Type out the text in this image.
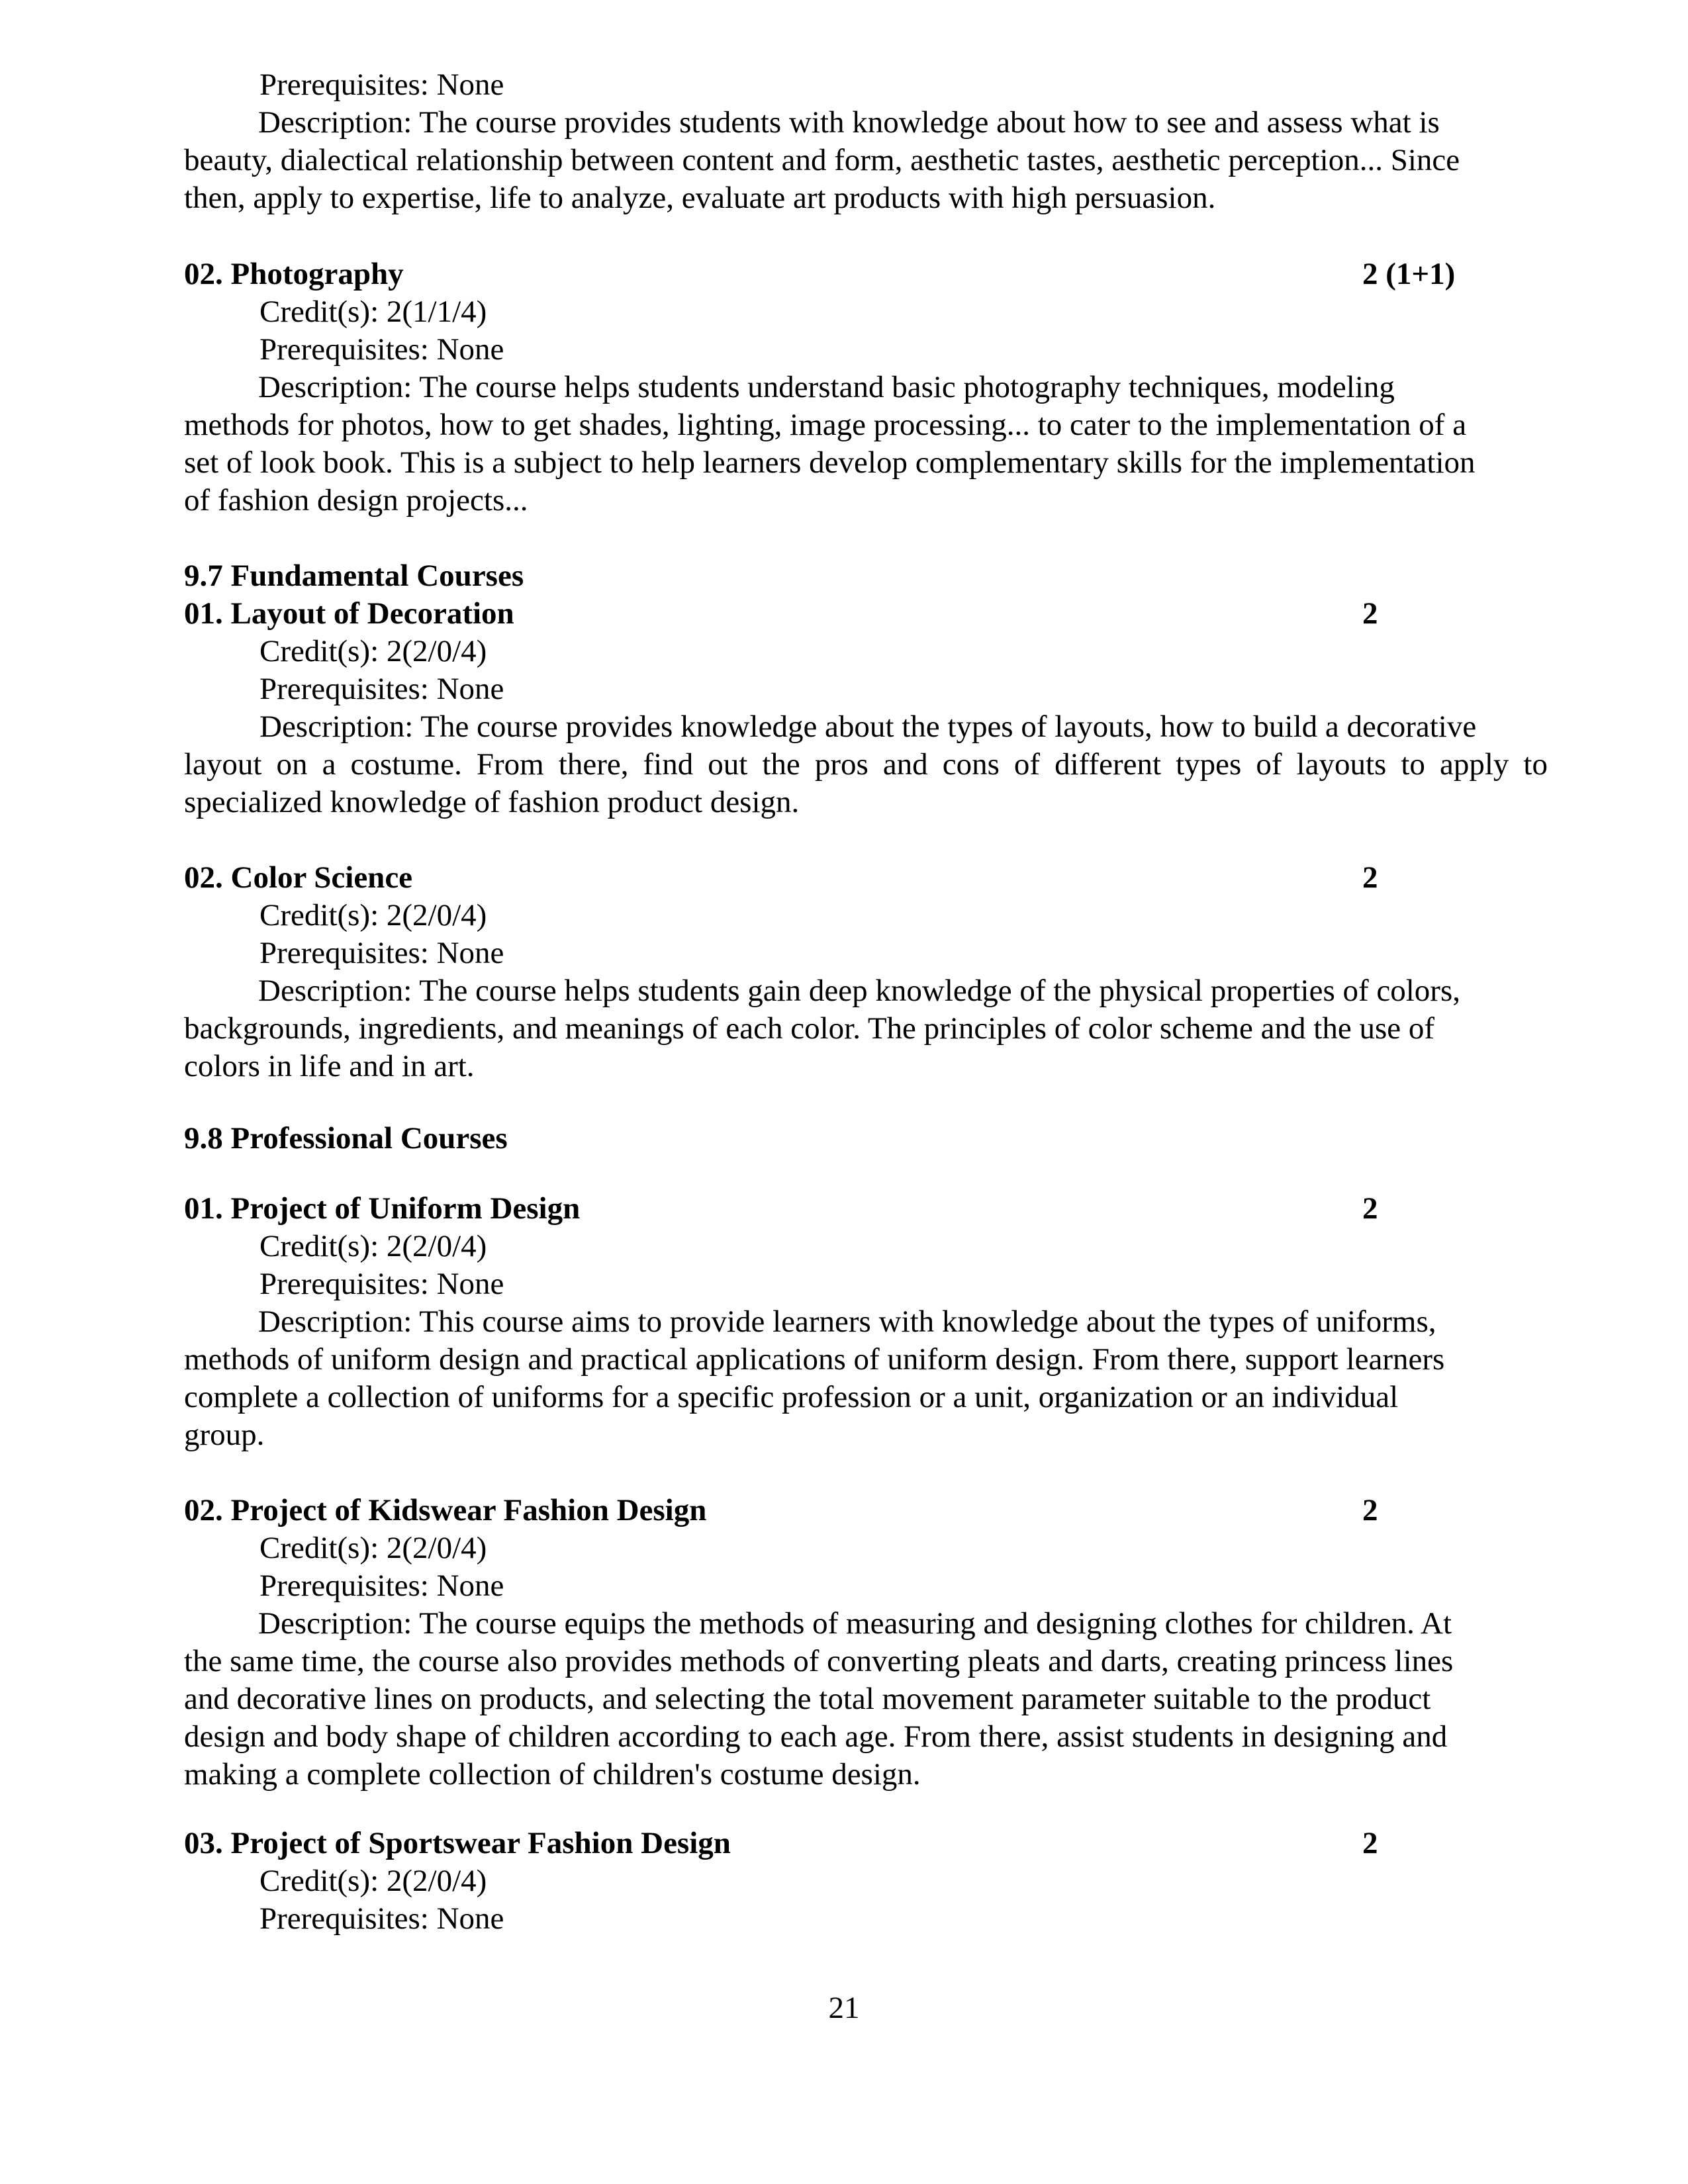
Prerequisites: None
Description: The course provides students with knowledge about how to see and assess what is
beauty, dialectical relationship between content and form, aesthetic tastes, aesthetic perception... Since
then, apply to expertise, life to analyze, evaluate art products with high persuasion.
02. Photography	2 (1+1)
Credit(s): 2(1/1/4)
Prerequisites: None
Description: The course helps students understand basic photography techniques, modeling
methods for photos, how to get shades, lighting, image processing... to cater to the implementation of a
set of look book. This is a subject to help learners develop complementary skills for the implementation
of fashion design projects...
9.7 Fundamental Courses
01. Layout of Decoration	2
Credit(s): 2(2/0/4)
Prerequisites: None
Description: The course provides knowledge about the types of layouts, how to build a decorative
layout on a costume. From there, find out the pros and cons of different types of layouts to apply to
specialized knowledge of fashion product design.
02. Color Science	2
Credit(s): 2(2/0/4)
Prerequisites: None
Description: The course helps students gain deep knowledge of the physical properties of colors,
backgrounds, ingredients, and meanings of each color. The principles of color scheme and the use of
colors in life and in art.
9.8 Professional Courses
01. Project of Uniform Design	2
Credit(s): 2(2/0/4)
Prerequisites: None
Description: This course aims to provide learners with knowledge about the types of uniforms,
methods of uniform design and practical applications of uniform design. From there, support learners
complete a collection of uniforms for a specific profession or a unit, organization or an individual
group.
02. Project of Kidswear Fashion Design	2
Credit(s): 2(2/0/4)
Prerequisites: None
Description: The course equips the methods of measuring and designing clothes for children. At
the same time, the course also provides methods of converting pleats and darts, creating princess lines
and decorative lines on products, and selecting the total movement parameter suitable to the product
design and body shape of children according to each age. From there, assist students in designing and
making a complete collection of children's costume design.
03. Project of Sportswear Fashion Design	2
Credit(s): 2(2/0/4)
Prerequisites: None
21
